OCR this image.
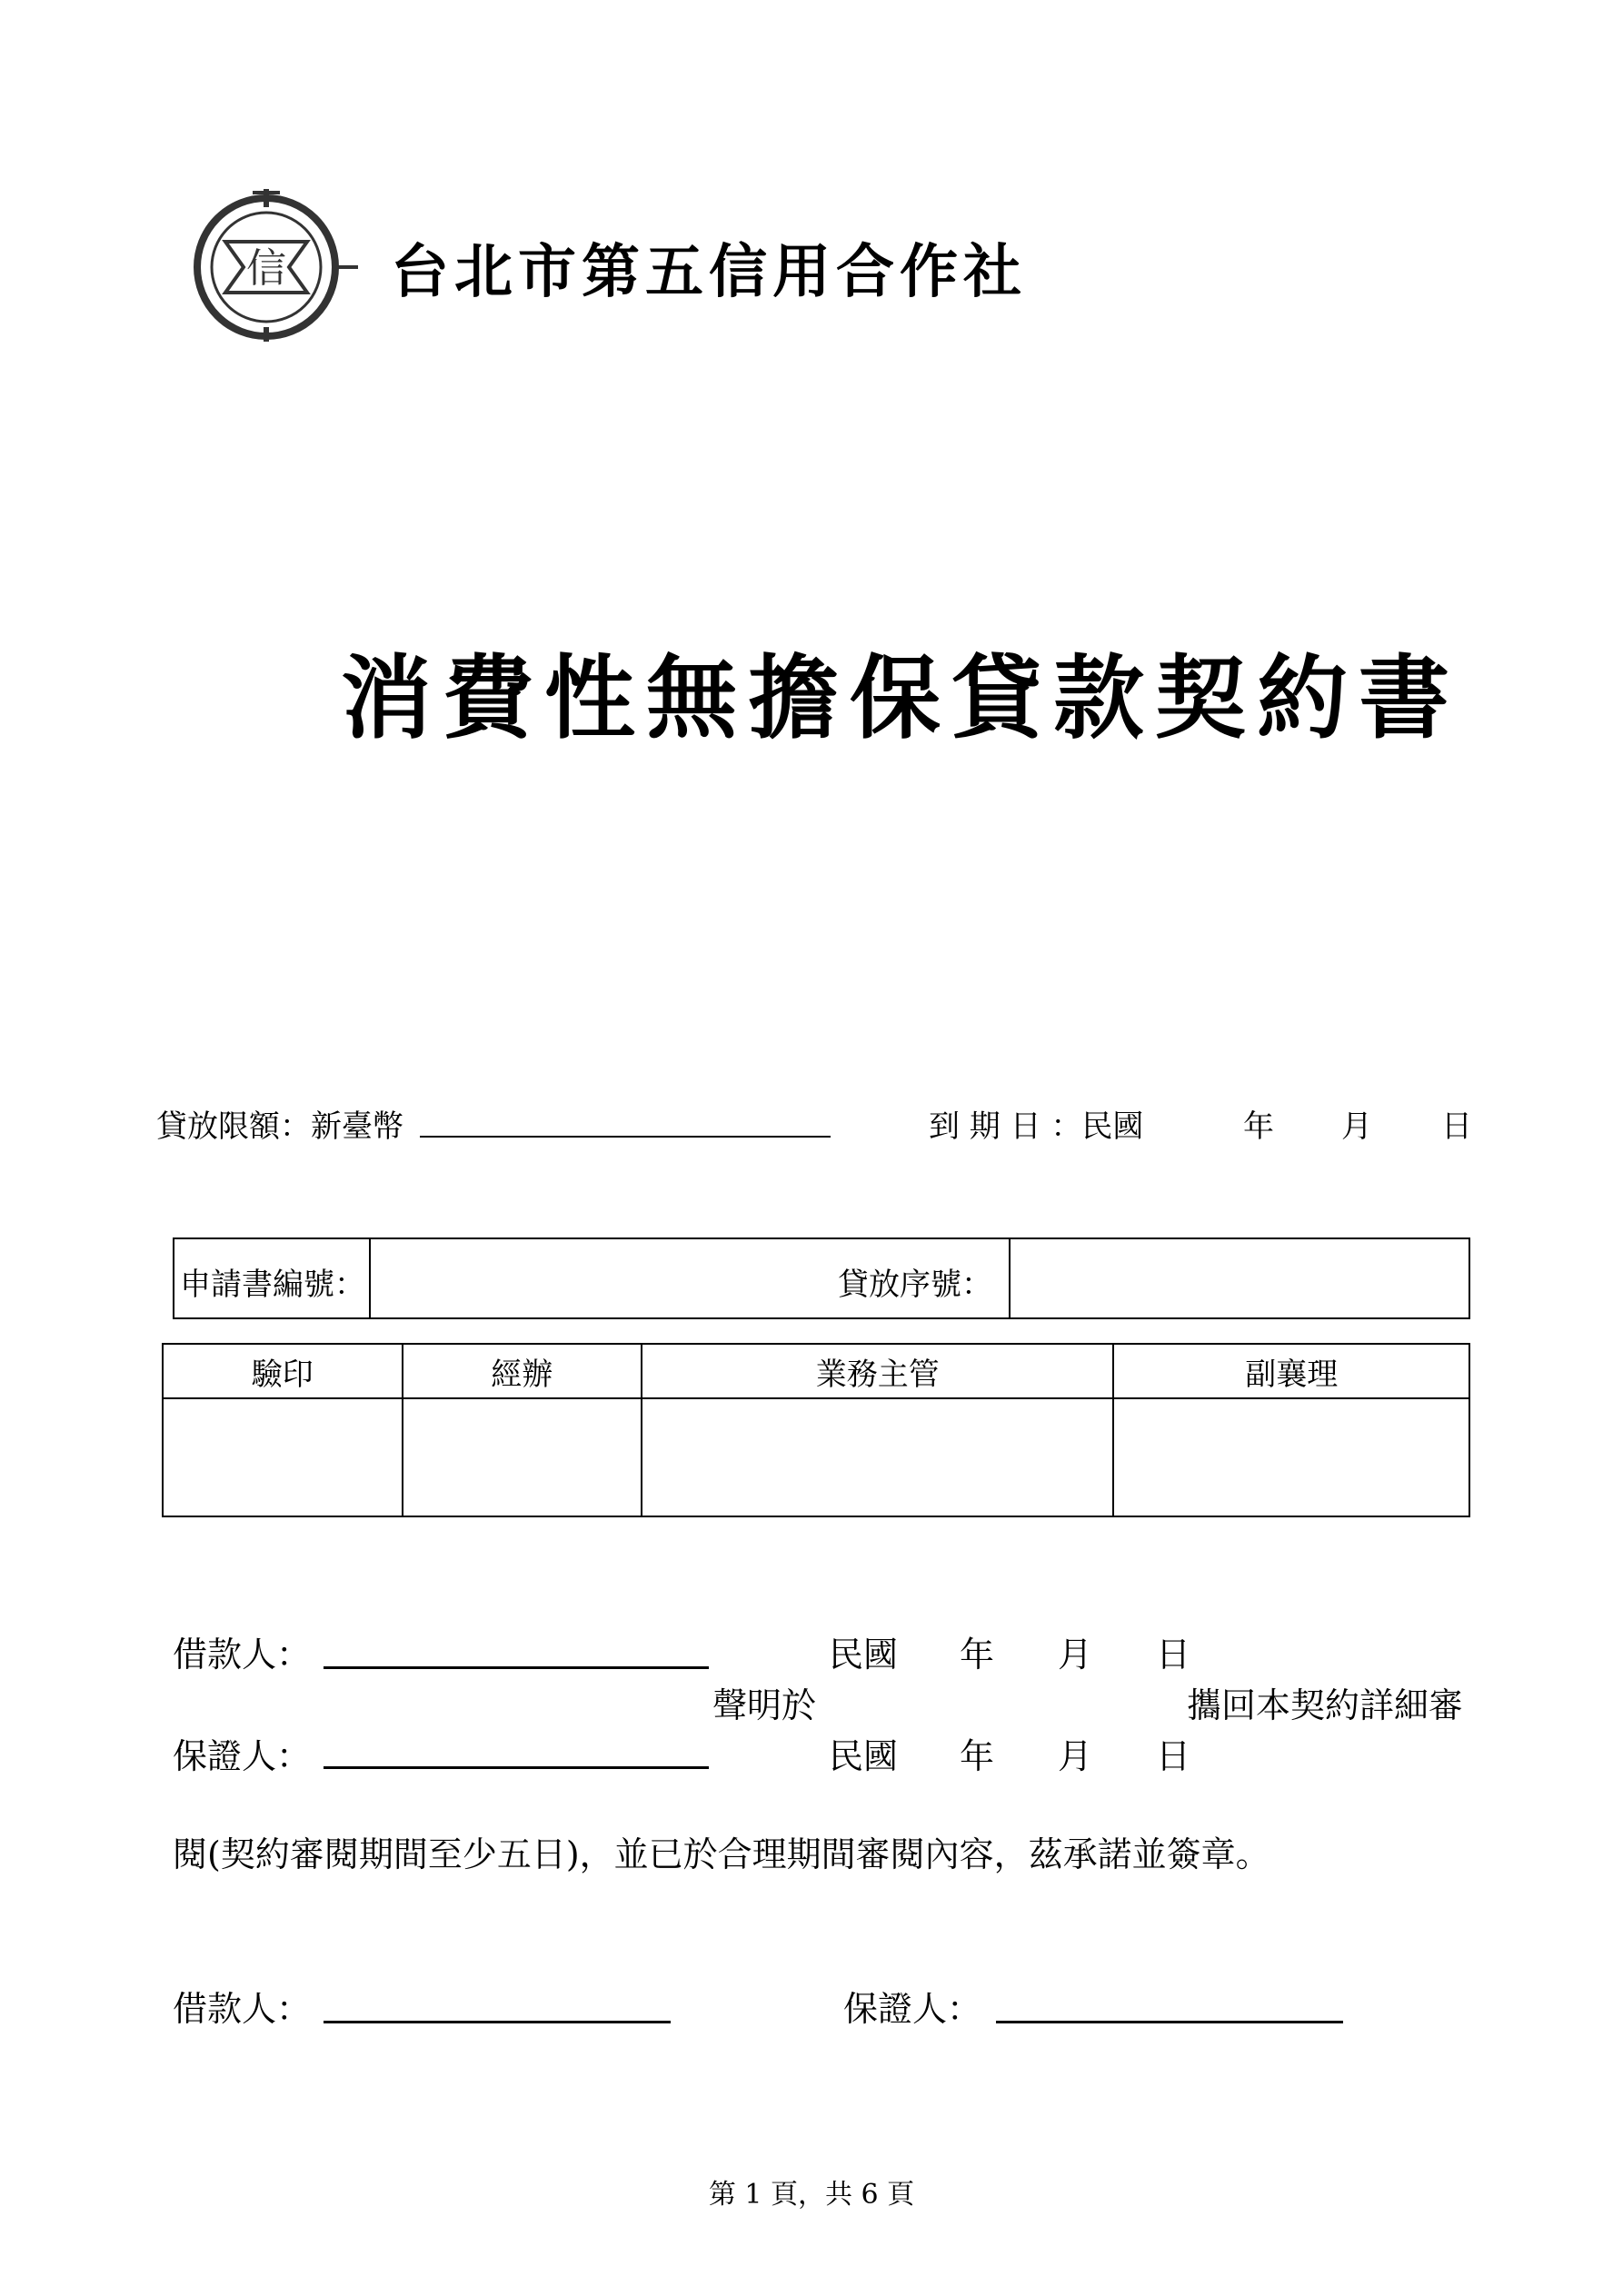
信 台北市第五信用合作社
消費性無擔保貸款契約書
貸放限額：新臺幣	到 期 日 ：民國	年 月 日
申請書編號：	貸放序號：
驗印	經辦	業務主管	副襄理

借款人：	民國 年 月 日
聲明於	攜回本契約詳細審
保證人：	民國 年 月 日
閱(契約審閱期間至少五日)，並已於合理期間審閱內容，茲承諾並簽章。
借款人：	保證人：
第 1 頁，共 6 頁
